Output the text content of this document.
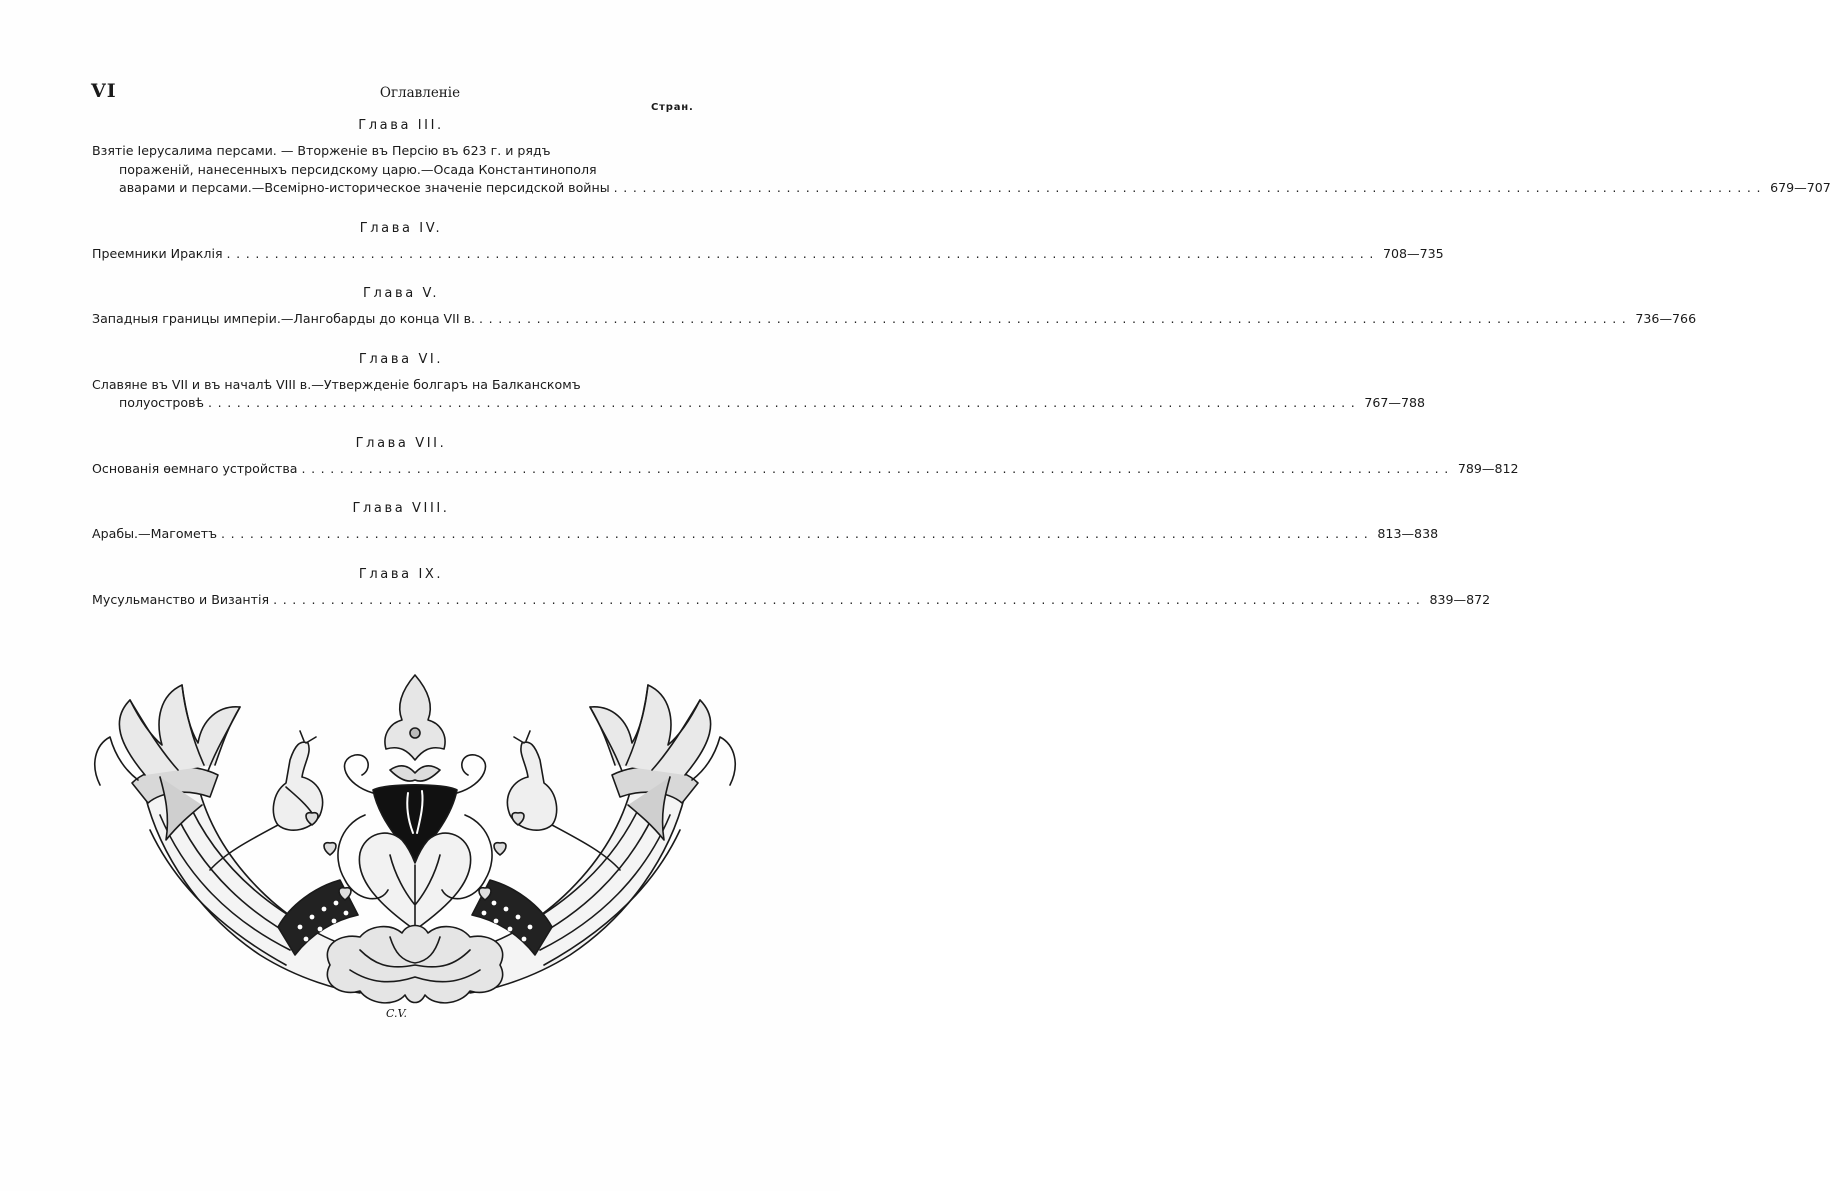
VI	Оглавленіе
Стран.
Глава III.
Взятіе Іерусалима персами. — Вторженіе въ Персію въ 623 г. и рядъ
пораженій, нанесенныхъ персидскому царю.—Осада Константинополя
аварами и персами.—Всемірно-историческое значеніе персидской войны ........................................................................................................................ 679—707
Глава IV.
Преемники Ираклія ........................................................................................................................ 708—735
Глава V.
Западныя границы имперіи.—Лангобарды до конца VII в. ........................................................................................................................ 736—766
Глава VI.
Славяне въ VII и въ началѣ VIII в.—Утвержденіе болгаръ на Балканскомъ
полуостровѣ ........................................................................................................................ 767—788
Глава VII.
Основанія ѳемнаго устройства ........................................................................................................................ 789—812
Глава VIII.
Арабы.—Магометъ ........................................................................................................................ 813—838
Глава IX.
Мусульманство и Византія ........................................................................................................................ 839—872
C.V.
